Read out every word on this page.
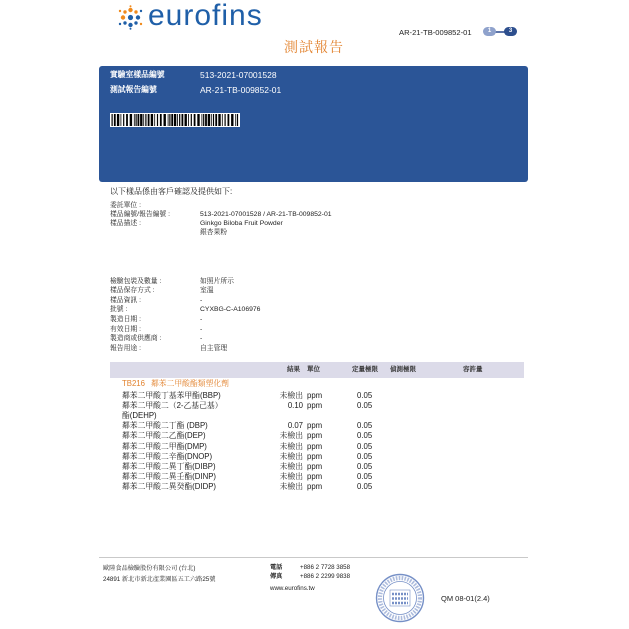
eurofins	AR-21-TB-009852-01	1	3
測試報告
實驗室樣品編號	513-2021-07001528
測試報告編號	AR-21-TB-009852-01
以下樣品係由客戶確認及提供如下:
結果 單位	定量極限 偵測極限	容許量
TB216 鄰苯二甲酸酯類塑化劑
歐陸食品檢驗股份有限公司 (台北)
24891 新北市新北產業園區五工六路25號
電話	+886 2 7728 3858
傳真	+886 2 2299 9838
www.eurofins.tw
QM 08-01(2.4)
委託單位 :
樣品編號/報告編號 :	513-2021-07001528 / AR-21-TB-009852-01
樣品描述 :	Ginkgo Biloba Fruit Powder
銀杏果粉
檢驗包裝及數量 :	如照片所示
樣品保存方式 :	室溫
樣品資訊 :	-
批號 :	CYXBG-C-A106976
製造日期 :	-
有效日期 :	-
製造商或供應商 :	-
報告用途 :	自主管理
鄰苯二甲酸丁基苯甲酯(BBP)	未檢出 ppm	0.05
鄰苯二甲酸二（2-乙基己基）	0.10 ppm	0.05
酯(DEHP)
鄰苯二甲酸二丁酯 (DBP)	0.07 ppm	0.05
鄰苯二甲酸二乙酯(DEP)	未檢出 ppm	0.05
鄰苯二甲酸二甲酯(DMP)	未檢出 ppm	0.05
鄰苯二甲酸二辛酯(DNOP)	未檢出 ppm	0.05
鄰苯二甲酸二異丁酯(DIBP)	未檢出 ppm	0.05
鄰苯二甲酸二異壬酯(DINP)	未檢出 ppm	0.05
鄰苯二甲酸二異癸酯(DIDP)	未檢出 ppm	0.05
